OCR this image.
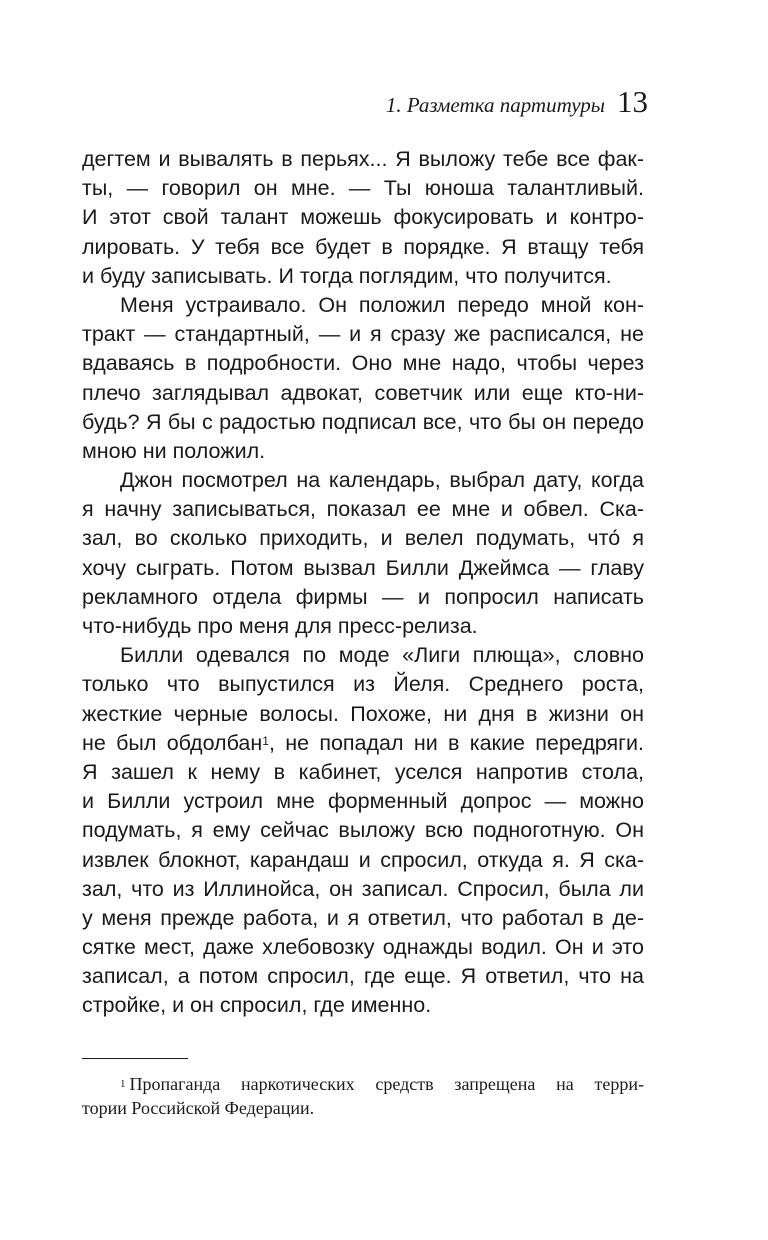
1. Разметка партитуры 13
дегтем и вывалять в перьях... Я выложу тебе все фак-
ты, — говорил он мне. — Ты юноша талантливый.
И этот свой талант можешь фокусировать и контро-
лировать. У тебя все будет в порядке. Я втащу тебя
и буду записывать. И тогда поглядим, что получится.
Меня устраивало. Он положил передо мной кон-
тракт — стандартный, — и я сразу же расписался, не
вдаваясь в подробности. Оно мне надо, чтобы через
плечо заглядывал адвокат, советчик или еще кто-ни-
будь? Я бы с радостью подписал все, что бы он передо
мною ни положил.
Джон посмотрел на календарь, выбрал дату, когда
я начну записываться, показал ее мне и обвел. Ска-
зал, во сколько приходить, и велел подумать, что́ я
хочу сыграть. Потом вызвал Билли Джеймса — главу
рекламного отдела фирмы — и попросил написать
что-нибудь про меня для пресс-релиза.
Билли одевался по моде «Лиги плюща», словно
только что выпустился из Йеля. Среднего роста,
жесткие черные волосы. Похоже, ни дня в жизни он
не был обдолбан$^1$, не попадал ни в какие передряги.
Я зашел к нему в кабинет, уселся напротив стола,
и Билли устроил мне форменный допрос — можно
подумать, я ему сейчас выложу всю подноготную. Он
извлек блокнот, карандаш и спросил, откуда я. Я ска-
зал, что из Иллинойса, он записал. Спросил, была ли
у меня прежде работа, и я ответил, что работал в де-
сятке мест, даже хлебовозку однажды водил. Он и это
записал, а потом спросил, где еще. Я ответил, что на
стройке, и он спросил, где именно.
$^1$ Пропаганда наркотических средств запрещена на терри-
тории Российской Федерации.
